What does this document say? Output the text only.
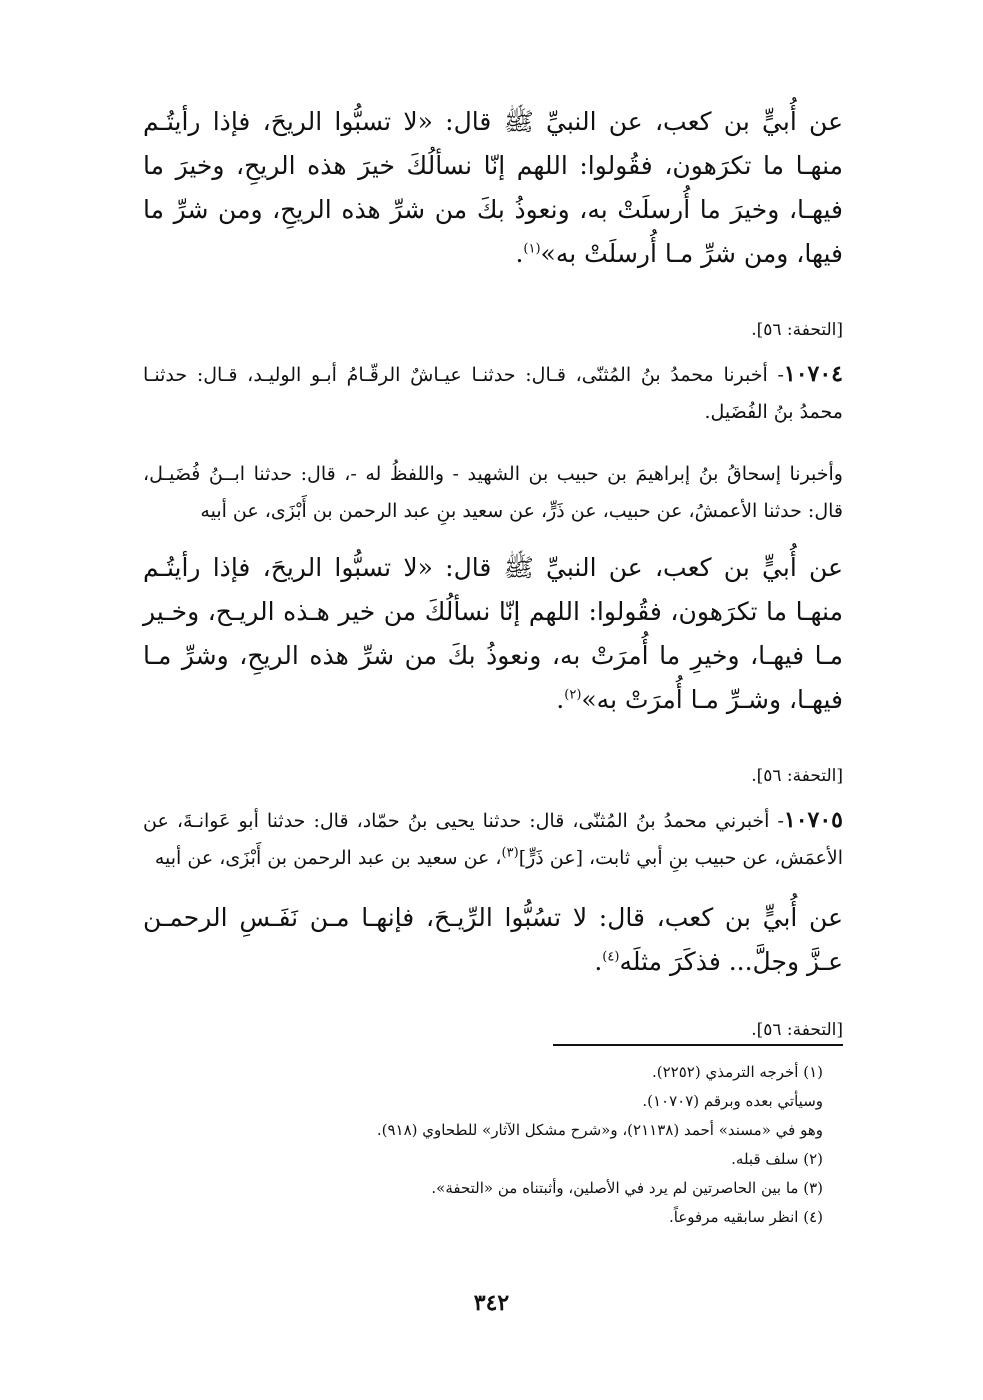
عن أُبيٍّ بن كعب، عن النبيِّ ﷺ قال: «لا تسبُّوا الريحَ، فإذا رأيتُـم منهـا ما تكرَهون، فقُولوا: اللهم إنّا نسألُكَ خيرَ هذه الريحِ، وخيرَ ما فيهـا، وخيرَ ما أُرسلَتْ به، ونعوذُ بكَ من شرِّ هذه الريحِ، ومن شرِّ ما فيها، ومن شرِّ مـا أُرسلَتْ به»$^{(١)}$.
[التحفة: ٥٦].
١٠٧٠٤- أخبرنا محمدُ بنُ المُثنّى، قـال: حدثنـا عيـاشٌ الرقّـامُ أبـو الوليـد، قـال: حدثنـا محمدُ بنُ الفُضَيل.
وأخبرنا إسحاقُ بنُ إبراهيمَ بن حبيب بن الشهيد - واللفظُ له -، قال: حدثنا ابــنُ فُضَيـل، قال: حدثنا الأعمشُ، عن حبيب، عن ذَرٍّ، عن سعيد بنِ عبد الرحمن بن أَبْزَى، عن أبيه
عن أُبيٍّ بن كعب، عن النبيِّ ﷺ قال: «لا تسبُّوا الريحَ، فإذا رأيتُـم منهـا ما تكرَهون، فقُولوا: اللهم إنّا نسألُكَ من خير هـذه الريـح، وخـير مـا فيهـا، وخيرِ ما أُمرَتْ به، ونعوذُ بكَ من شرِّ هذه الريحِ، وشرِّ مـا فيهـا، وشـرِّ مـا أُمرَتْ به»$^{(٢)}$.
[التحفة: ٥٦].
١٠٧٠٥- أخبرني محمدُ بنُ المُثنّى، قال: حدثنا يحيى بنُ حمّاد، قال: حدثنا أبو عَوانـةَ، عن الأعمَش، عن حبيب بنِ أبي ثابت، [عن ذَرٍّ]$^{(٣)}$، عن سعيد بن عبد الرحمن بن أَبْزَى، عن أبيه
عن أُبيٍّ بن كعب، قال: لا تسُبُّوا الرِّيـحَ، فإنهـا مـن نَفَـسِ الرحمـن عـزَّ وجلَّ... فذكَرَ مثلَه$^{(٤)}$.
[التحفة: ٥٦].
(١) أخرجه الترمذي (٢٢٥٢).
وسيأتي بعده وبرقم (١٠٧٠٧).
وهو في «مسند» أحمد (٢١١٣٨)، و«شرح مشكل الآثار» للطحاوي (٩١٨).
(٢) سلف قبله.
(٣) ما بين الحاصرتين لم يرد في الأصلين، وأثبتناه من «التحفة».
(٤) انظر سابقيه مرفوعاً.
٣٤٢
